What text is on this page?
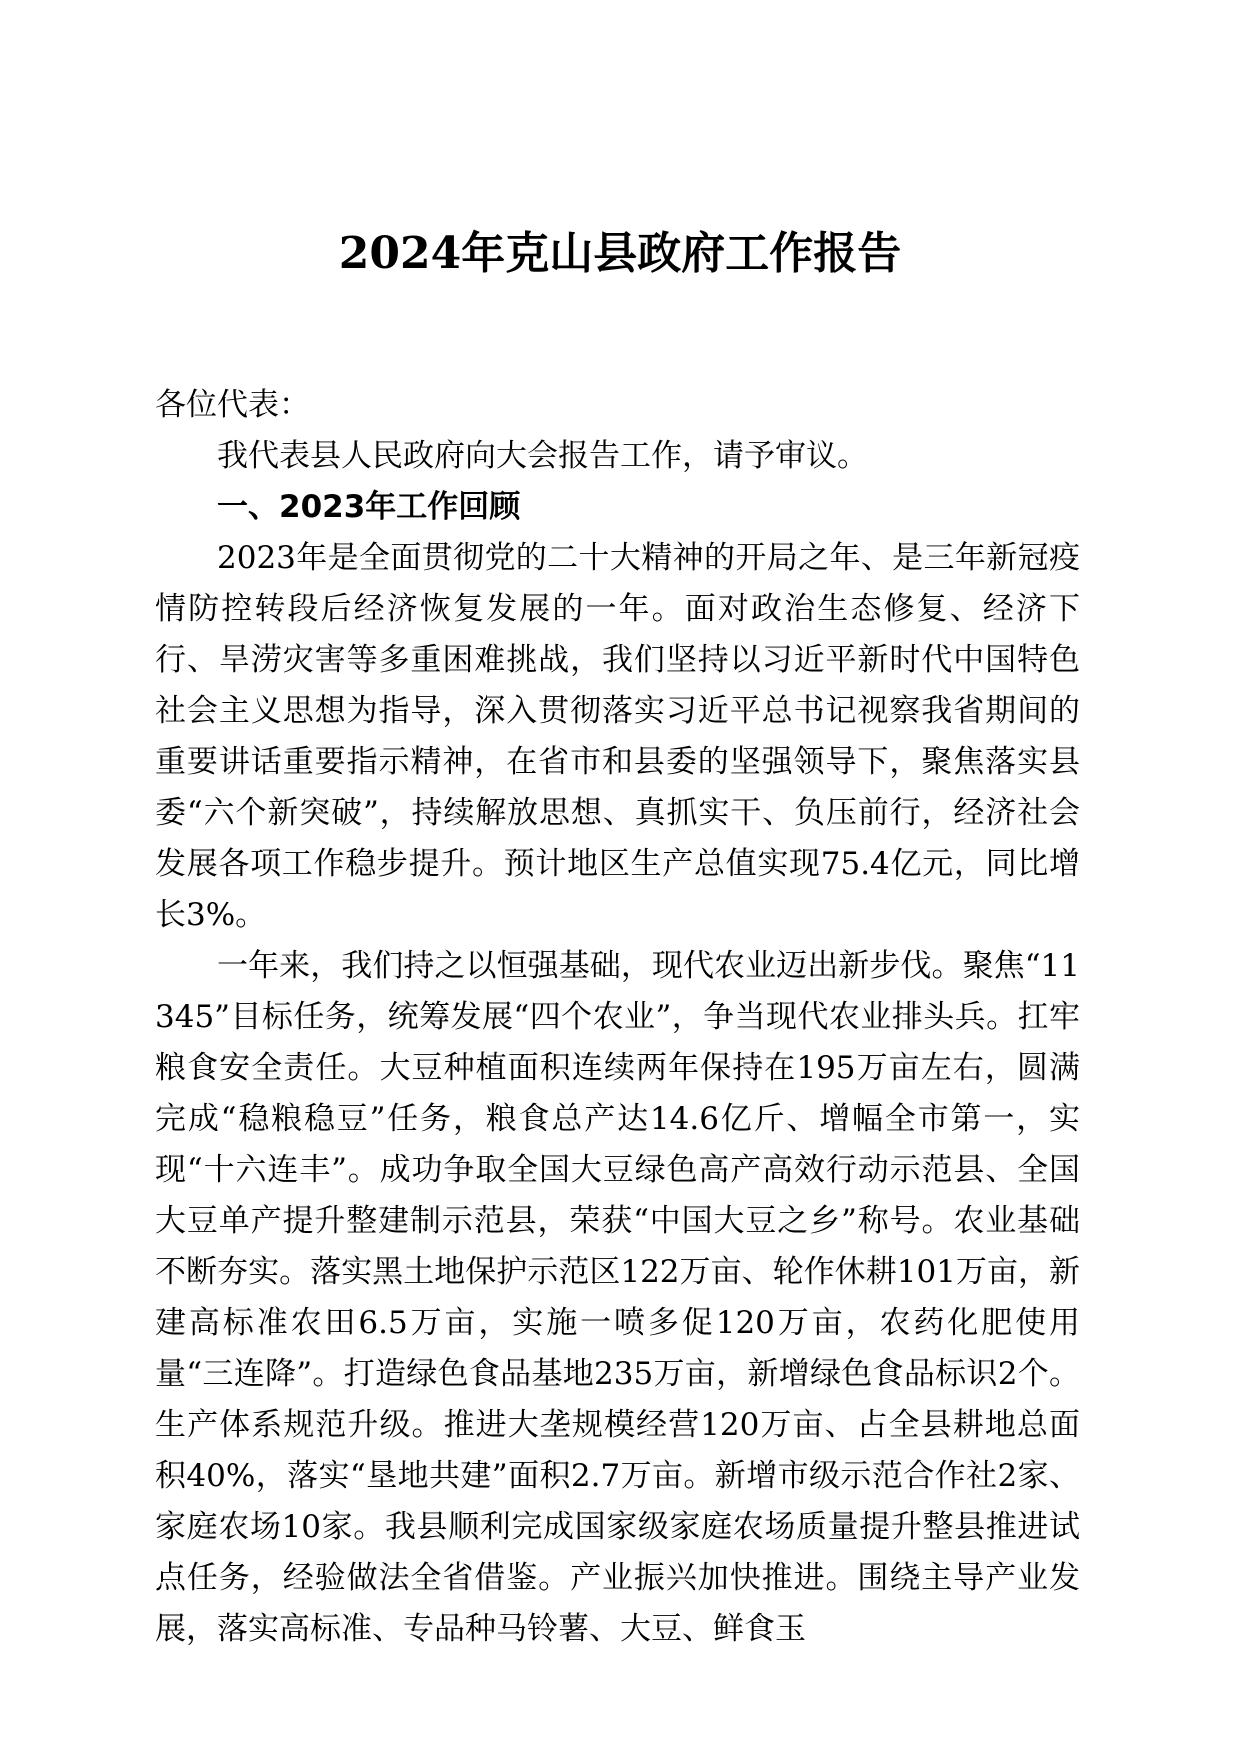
2024年克山县政府工作报告

各位代表：

我代表县人民政府向大会报告工作，请予审议。

一、2023年工作回顾

2023年是全面贯彻党的二十大精神的开局之年、是三年新冠疫情防控转段后经济恢复发展的一年。面对政治生态修复、经济下行、旱涝灾害等多重困难挑战，我们坚持以习近平新时代中国特色社会主义思想为指导，深入贯彻落实习近平总书记视察我省期间的重要讲话重要指示精神，在省市和县委的坚强领导下，聚焦落实县委“六个新突破”，持续解放思想、真抓实干、负压前行，经济社会发展各项工作稳步提升。预计地区生产总值实现75.4亿元，同比增长3%。

一年来，我们持之以恒强基础，现代农业迈出新步伐。聚焦“11345”目标任务，统筹发展“四个农业”，争当现代农业排头兵。扛牢粮食安全责任。大豆种植面积连续两年保持在195万亩左右，圆满完成“稳粮稳豆”任务，粮食总产达14.6亿斤、增幅全市第一，实现“十六连丰”。成功争取全国大豆绿色高产高效行动示范县、全国大豆单产提升整建制示范县，荣获“中国大豆之乡”称号。农业基础不断夯实。落实黑土地保护示范区122万亩、轮作休耕101万亩，新建高标准农田6.5万亩，实施一喷多促120万亩，农药化肥使用量“三连降”。打造绿色食品基地235万亩，新增绿色食品标识2个。生产体系规范升级。推进大垄规模经营120万亩、占全县耕地总面积40%，落实“垦地共建”面积2.7万亩。新增市级示范合作社2家、家庭农场10家。我县顺利完成国家级家庭农场质量提升整县推进试点任务，经验做法全省借鉴。产业振兴加快推进。围绕主导产业发展，落实高标准、专品种马铃薯、大豆、鲜食玉
